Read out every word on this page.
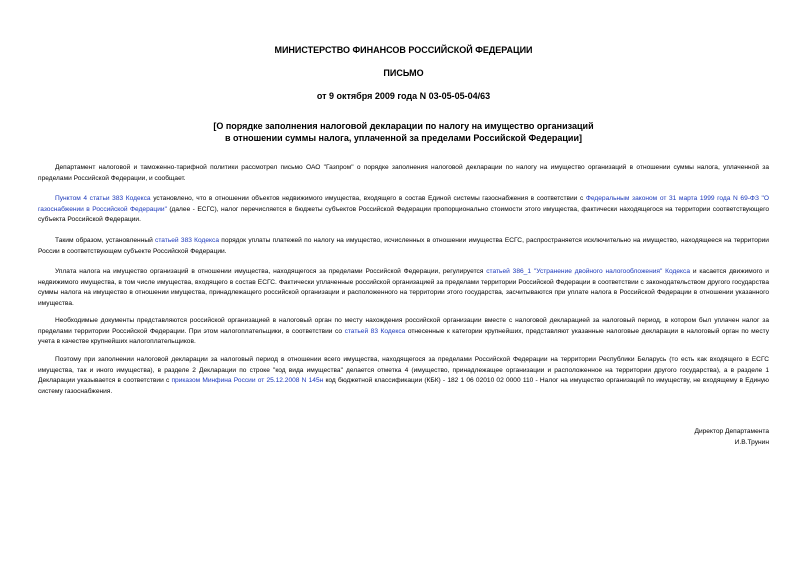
МИНИСТЕРСТВО ФИНАНСОВ РОССИЙСКОЙ ФЕДЕРАЦИИ
ПИСЬМО
от 9 октября 2009 года N 03-05-05-04/63
[О порядке заполнения налоговой декларации по налогу на имущество организаций
в отношении суммы налога, уплаченной за пределами Российской Федерации]
Департамент налоговой и таможенно-тарифной политики рассмотрел письмо ОАО "Газпром" о порядке заполнения налоговой декларации по налогу на имущество организаций в отношении суммы налога, уплаченной за пределами Российской Федерации, и сообщает.
Пунктом 4 статьи 383 Кодекса установлено, что в отношении объектов недвижимого имущества, входящего в состав Единой системы газоснабжения в соответствии с Федеральным законом от 31 марта 1999 года N 69-ФЗ "О газоснабжении в Российской Федерации" (далее - ЕСГС), налог перечисляется в бюджеты субъектов Российской Федерации пропорционально стоимости этого имущества, фактически находящегося на территории соответствующего субъекта Российской Федерации.
Таким образом, установленный статьей 383 Кодекса порядок уплаты платежей по налогу на имущество, исчисленных в отношении имущества ЕСГС, распространяется исключительно на имущество, находящееся на территории России в соответствующем субъекте Российской Федерации.
Уплата налога на имущество организаций в отношении имущества, находящегося за пределами Российской Федерации, регулируется статьей 386_1 "Устранение двойного налогообложения" Кодекса и касается движимого и недвижимого имущества, в том числе имущества, входящего в состав ЕСГС. Фактически уплаченные российской организацией за пределами территории Российской Федерации в соответствии с законодательством другого государства суммы налога на имущество в отношении имущества, принадлежащего российской организации и расположенного на территории этого государства, засчитываются при уплате налога в Российской Федерации в отношении указанного имущества.
Необходимые документы представляются российской организацией в налоговый орган по месту нахождения российской организации вместе с налоговой декларацией за налоговый период, в котором был уплачен налог за пределами территории Российской Федерации. При этом налогоплательщики, в соответствии со статьей 83 Кодекса отнесенные к категории крупнейших, представляют указанные налоговые декларации в налоговый орган по месту учета в качестве крупнейших налогоплательщиков.
Поэтому при заполнении налоговой декларации за налоговый период в отношении всего имущества, находящегося за пределами Российской Федерации на территории Республики Беларусь (то есть как входящего в ЕСГС имущества, так и иного имущества), в разделе 2 Декларации по строке "код вида имущества" делается отметка 4 (имущество, принадлежащее организации и расположенное на территории другого государства), а в разделе 1 Декларации указывается в соответствии с приказом Минфина России от 25.12.2008 N 145н код бюджетной классификации (КБК) - 182 1 06 02010 02 0000 110 - Налог на имущество организаций по имуществу, не входящему в Единую систему газоснабжения.
Директор Департамента
И.В.Трунин
